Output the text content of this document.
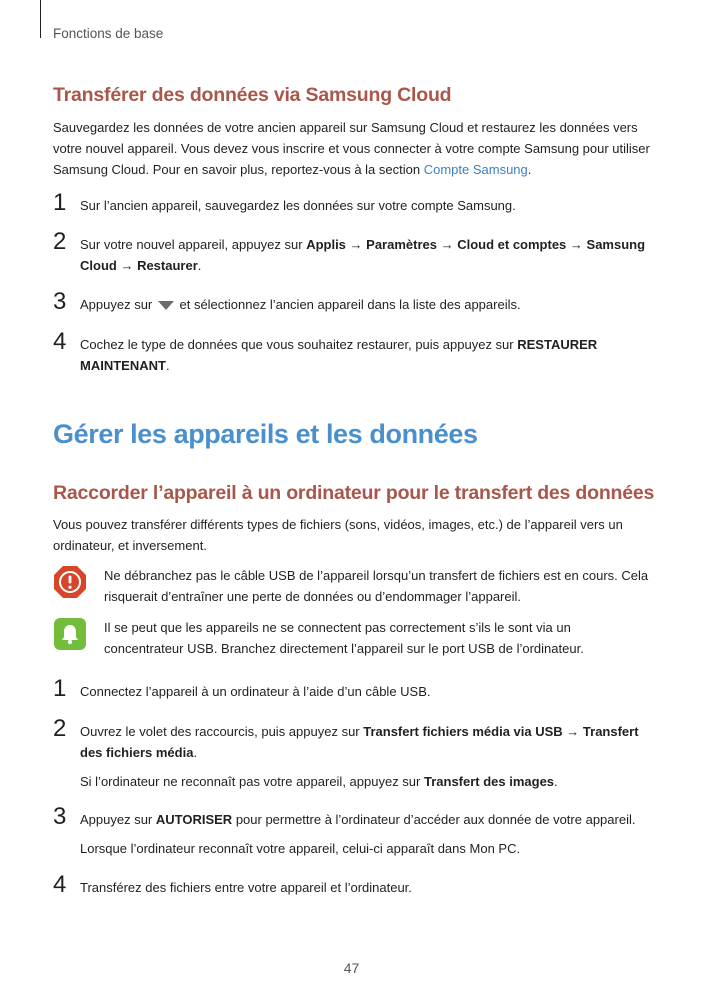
Fonctions de base
Transférer des données via Samsung Cloud
Sauvegardez les données de votre ancien appareil sur Samsung Cloud et restaurez les données vers votre nouvel appareil. Vous devez vous inscrire et vous connecter à votre compte Samsung pour utiliser Samsung Cloud. Pour en savoir plus, reportez-vous à la section Compte Samsung.
1 Sur l’ancien appareil, sauvegardez les données sur votre compte Samsung.
2 Sur votre nouvel appareil, appuyez sur Applis → Paramètres → Cloud et comptes → Samsung Cloud → Restaurer.
3 Appuyez sur  et sélectionnez l’ancien appareil dans la liste des appareils.
4 Cochez le type de données que vous souhaitez restaurer, puis appuyez sur RESTAURER MAINTENANT.
Gérer les appareils et les données
Raccorder l’appareil à un ordinateur pour le transfert des données
Vous pouvez transférer différents types de fichiers (sons, vidéos, images, etc.) de l’appareil vers un ordinateur, et inversement.
Ne débranchez pas le câble USB de l’appareil lorsqu’un transfert de fichiers est en cours. Cela risquerait d’entraîner une perte de données ou d’endommager l’appareil.
Il se peut que les appareils ne se connectent pas correctement s’ils le sont via un concentrateur USB. Branchez directement l’appareil sur le port USB de l’ordinateur.
1 Connectez l’appareil à un ordinateur à l’aide d’un câble USB.
2 Ouvrez le volet des raccourcis, puis appuyez sur Transfert fichiers média via USB → Transfert des fichiers média.
Si l’ordinateur ne reconnaît pas votre appareil, appuyez sur Transfert des images.
3 Appuyez sur AUTORISER pour permettre à l’ordinateur d’accéder aux donnée de votre appareil.
Lorsque l’ordinateur reconnaît votre appareil, celui-ci apparaît dans Mon PC.
4 Transférez des fichiers entre votre appareil et l’ordinateur.
47
